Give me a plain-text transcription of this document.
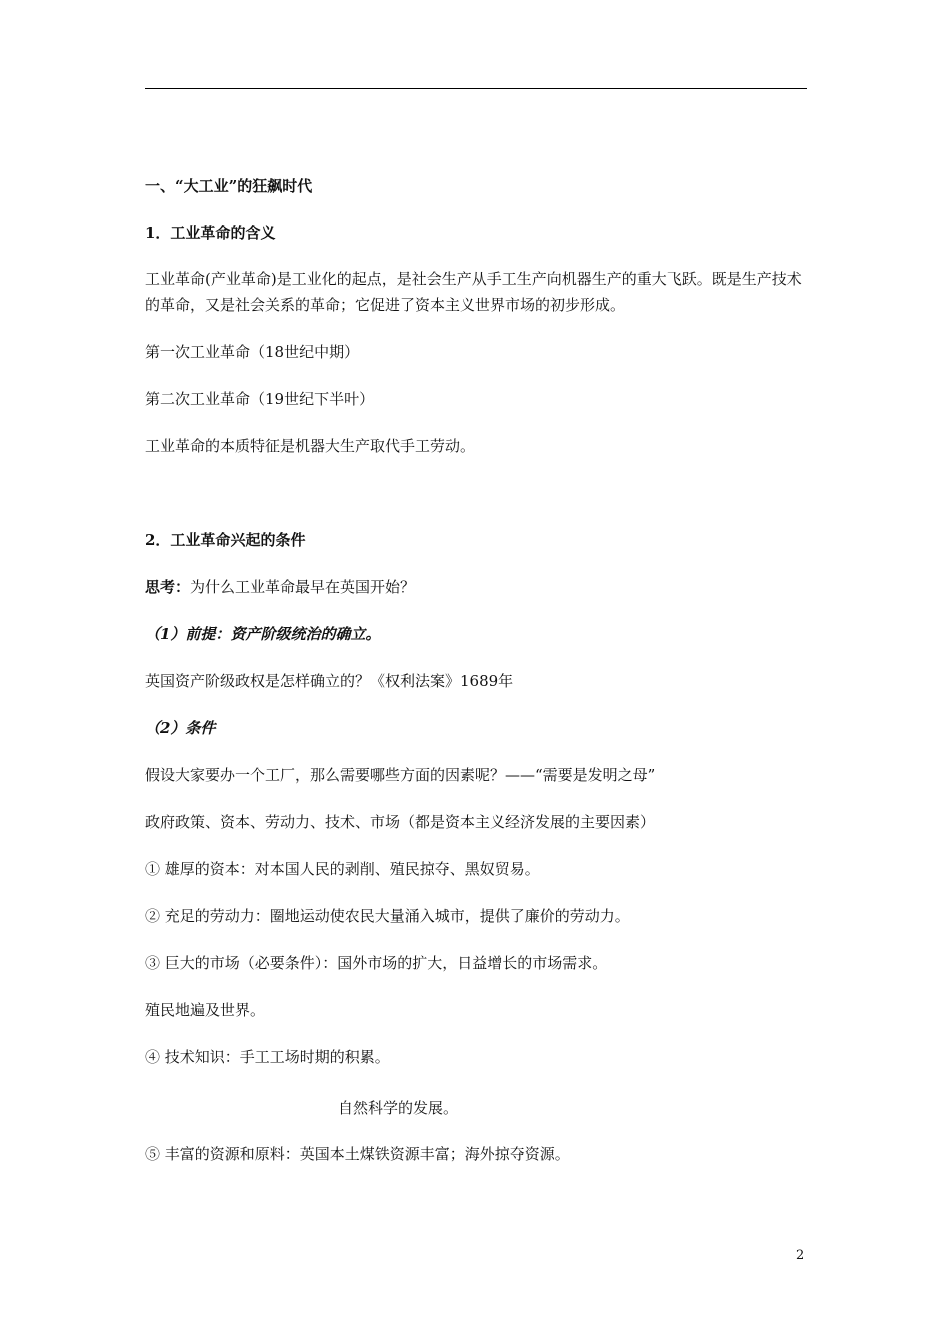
一、“大工业”的狂飙时代
1．工业革命的含义
工业革命(产业革命)是工业化的起点，是社会生产从手工生产向机器生产的重大飞跃。既是生产技术的革命，又是社会关系的革命；它促进了资本主义世界市场的初步形成。
第一次工业革命（18世纪中期）
第二次工业革命（19世纪下半叶）
工业革命的本质特征是机器大生产取代手工劳动。
2．工业革命兴起的条件
思考：为什么工业革命最早在英国开始？
（1）前提：资产阶级统治的确立。
英国资产阶级政权是怎样确立的？《权利法案》1689年
（2）条件
假设大家要办一个工厂，那么需要哪些方面的因素呢？——“需要是发明之母”
政府政策、资本、劳动力、技术、市场（都是资本主义经济发展的主要因素）
① 雄厚的资本：对本国人民的剥削、殖民掠夺、黑奴贸易。
② 充足的劳动力：圈地运动使农民大量涌入城市，提供了廉价的劳动力。
③ 巨大的市场（必要条件）：国外市场的扩大，日益增长的市场需求。
殖民地遍及世界。
④ 技术知识：手工工场时期的积累。
自然科学的发展。
⑤ 丰富的资源和原料：英国本土煤铁资源丰富；海外掠夺资源。
2
